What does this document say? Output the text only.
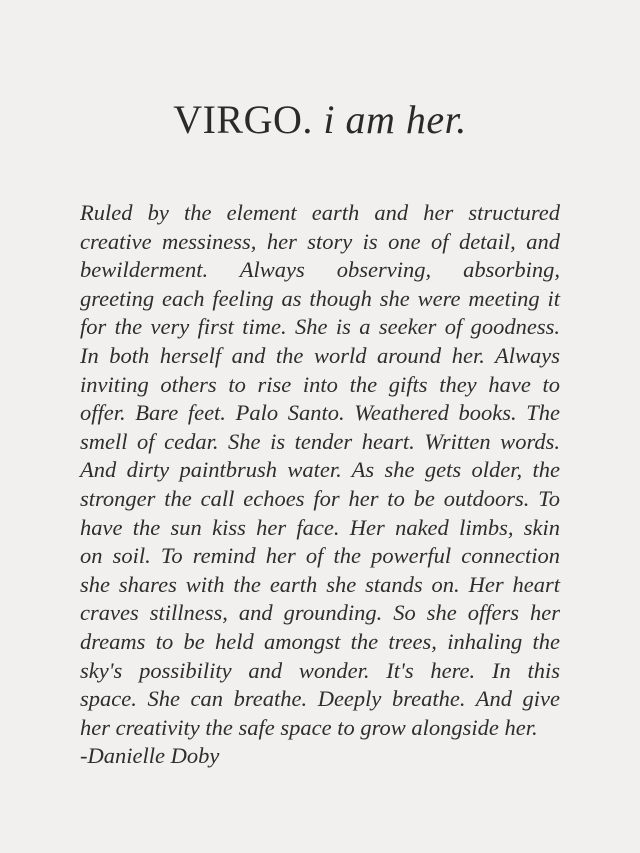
VIRGO. i am her.
Ruled by the element earth and her structured
creative messiness, her story is one of detail, and
bewilderment. Always observing, absorbing,
greeting each feeling as though she were meeting it
for the very first time. She is a seeker of goodness.
In both herself and the world around her. Always
inviting others to rise into the gifts they have to
offer. Bare feet. Palo Santo. Weathered books. The
smell of cedar. She is tender heart. Written words.
And dirty paintbrush water. As she gets older, the
stronger the call echoes for her to be outdoors. To
have the sun kiss her face. Her naked limbs, skin
on soil. To remind her of the powerful connection
she shares with the earth she stands on. Her heart
craves stillness, and grounding. So she offers her
dreams to be held amongst the trees, inhaling the
sky's possibility and wonder. It's here. In this
space. She can breathe. Deeply breathe. And give
her creativity the safe space to grow alongside her.
-Danielle Doby
